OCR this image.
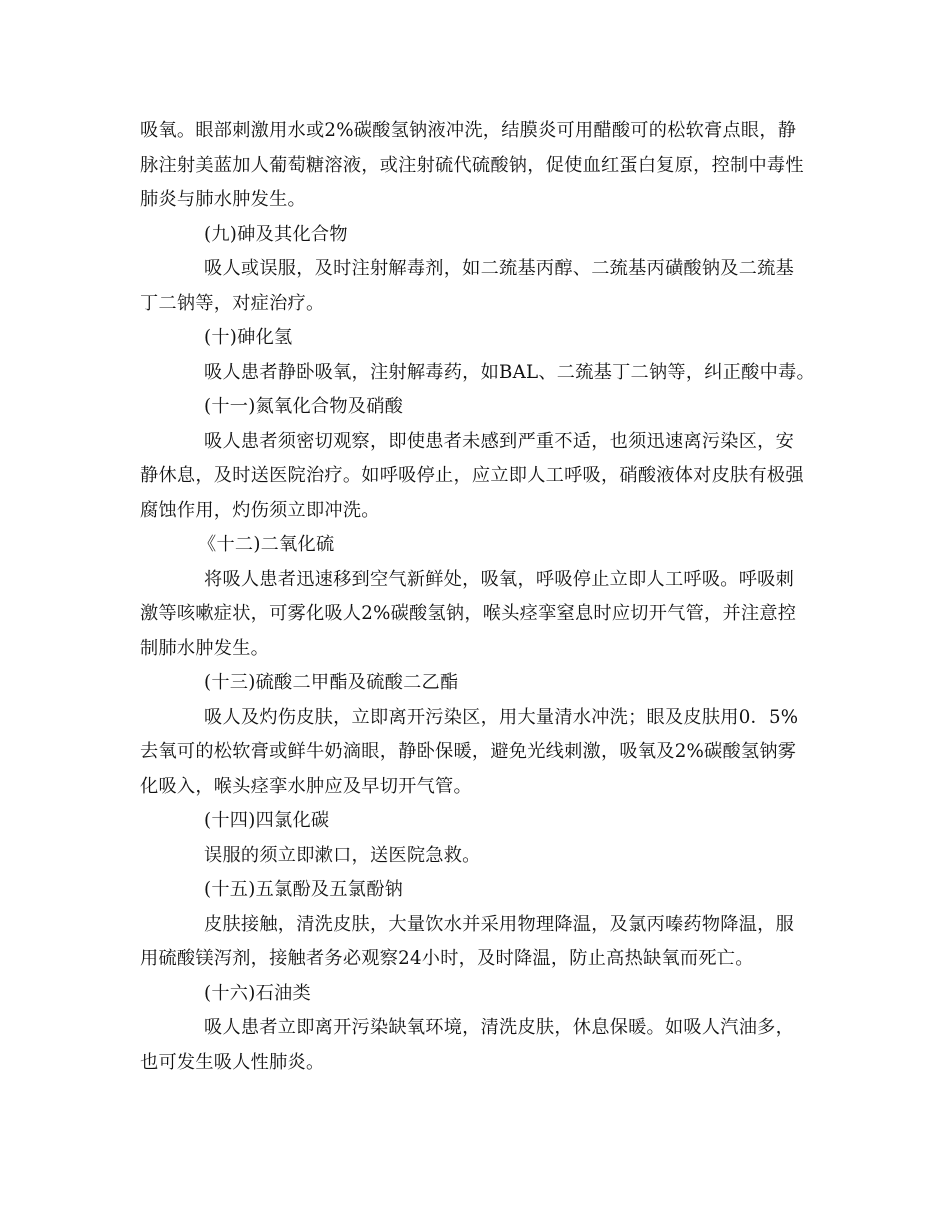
吸氧。眼部刺激用水或2%碳酸氢钠液冲洗，结膜炎可用醋酸可的松软膏点眼，静
脉注射美蓝加人葡萄糖溶液，或注射硫代硫酸钠，促使血红蛋白复原，控制中毒性
肺炎与肺水肿发生。
(九)砷及其化合物
吸人或误服，及时注射解毒剂，如二巯基丙醇、二巯基丙磺酸钠及二巯基
丁二钠等，对症治疗。
(十)砷化氢
吸人患者静卧吸氧，注射解毒药，如BAL、二巯基丁二钠等，纠正酸中毒。
(十一)氮氧化合物及硝酸
吸人患者须密切观察，即使患者未感到严重不适，也须迅速离污染区，安
静休息，及时送医院治疗。如呼吸停止，应立即人工呼吸，硝酸液体对皮肤有极强
腐蚀作用，灼伤须立即冲洗。
《十二)二氧化硫
将吸人患者迅速移到空气新鲜处，吸氧，呼吸停止立即人工呼吸。呼吸刺
激等咳嗽症状，可雾化吸人2%碳酸氢钠，喉头痉挛窒息时应切开气管，并注意控
制肺水肿发生。
(十三)硫酸二甲酯及硫酸二乙酯
吸人及灼伤皮肤，立即离开污染区，用大量清水冲洗；眼及皮肤用0．5%
去氧可的松软膏或鲜牛奶滴眼，静卧保暖，避免光线刺激，吸氧及2%碳酸氢钠雾
化吸入，喉头痉挛水肿应及早切开气管。
(十四)四氯化碳
误服的须立即漱口，送医院急救。
(十五)五氯酚及五氯酚钠
皮肤接触，清洗皮肤，大量饮水并采用物理降温，及氯丙嗪药物降温，服
用硫酸镁泻剂，接触者务必观察24小时，及时降温，防止高热缺氧而死亡。
(十六)石油类
吸人患者立即离开污染缺氧环境，清洗皮肤，休息保暖。如吸人汽油多，
也可发生吸人性肺炎。
